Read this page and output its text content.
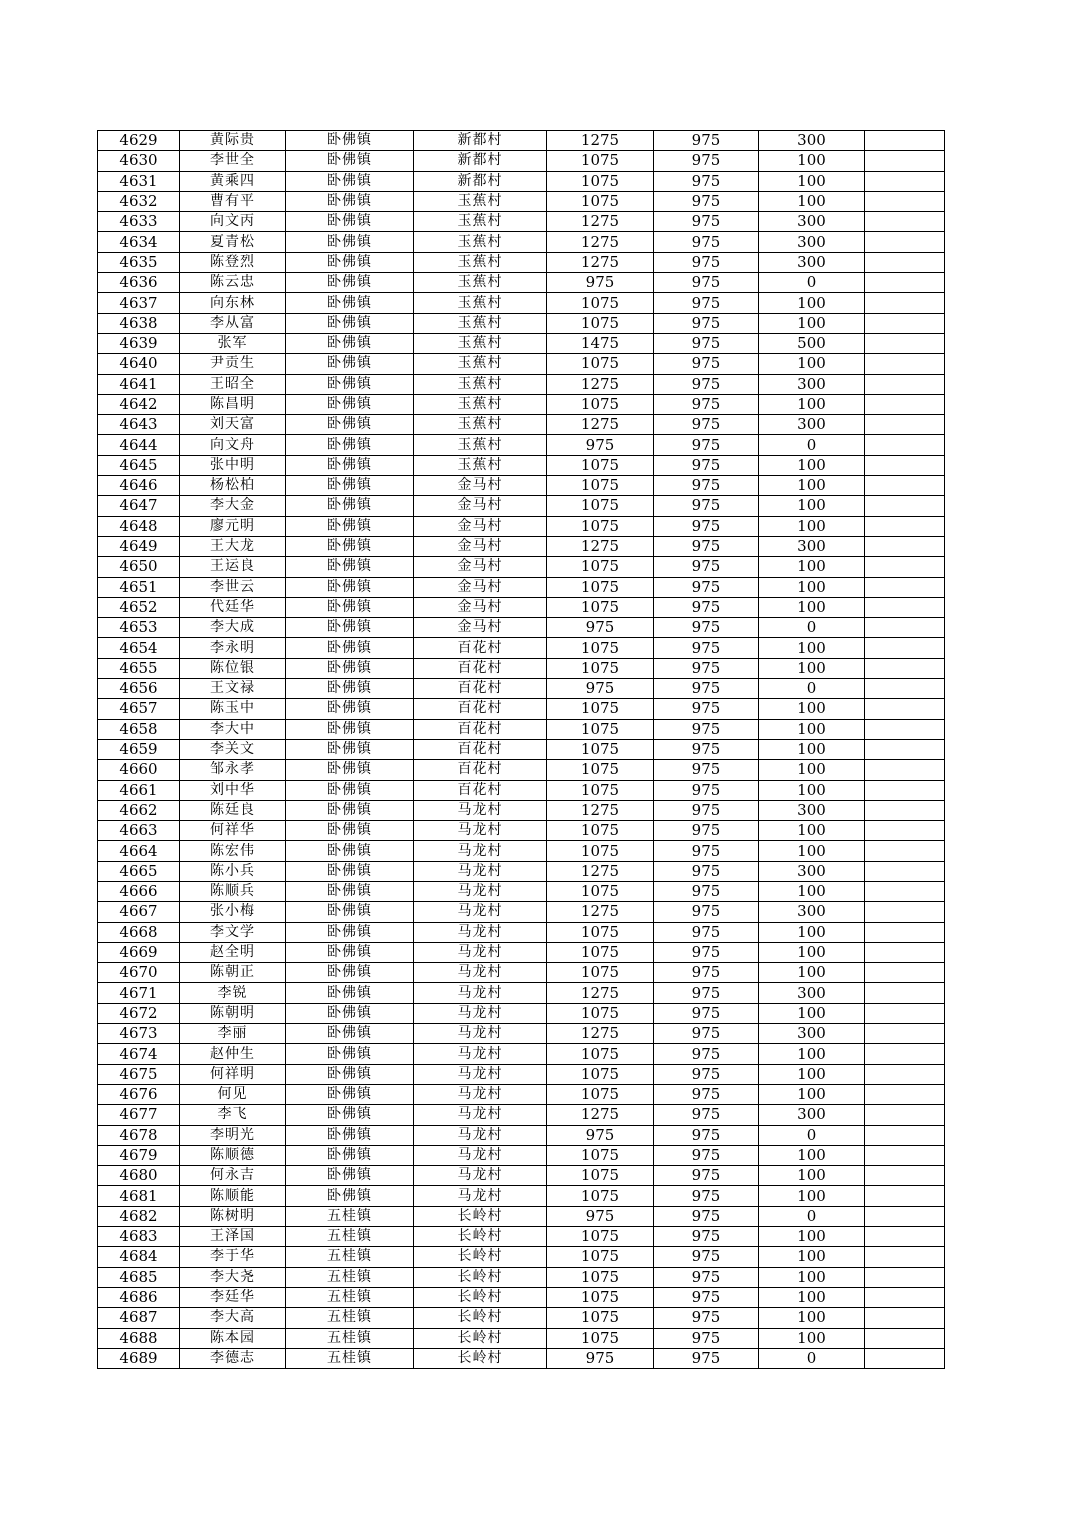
4629	黄际贵	卧佛镇	新都村	1275	975	300	
4630	李世全	卧佛镇	新都村	1075	975	100	
4631	黄乘四	卧佛镇	新都村	1075	975	100	
4632	曹有平	卧佛镇	玉蕉村	1075	975	100	
4633	向文丙	卧佛镇	玉蕉村	1275	975	300	
4634	夏青松	卧佛镇	玉蕉村	1275	975	300	
4635	陈登烈	卧佛镇	玉蕉村	1275	975	300	
4636	陈云忠	卧佛镇	玉蕉村	975	975	0	
4637	向东林	卧佛镇	玉蕉村	1075	975	100	
4638	李从富	卧佛镇	玉蕉村	1075	975	100	
4639	张军	卧佛镇	玉蕉村	1475	975	500	
4640	尹贡生	卧佛镇	玉蕉村	1075	975	100	
4641	王昭全	卧佛镇	玉蕉村	1275	975	300	
4642	陈昌明	卧佛镇	玉蕉村	1075	975	100	
4643	刘天富	卧佛镇	玉蕉村	1275	975	300	
4644	向文舟	卧佛镇	玉蕉村	975	975	0	
4645	张中明	卧佛镇	玉蕉村	1075	975	100	
4646	杨松柏	卧佛镇	金马村	1075	975	100	
4647	李大金	卧佛镇	金马村	1075	975	100	
4648	廖元明	卧佛镇	金马村	1075	975	100	
4649	王大龙	卧佛镇	金马村	1275	975	300	
4650	王运良	卧佛镇	金马村	1075	975	100	
4651	李世云	卧佛镇	金马村	1075	975	100	
4652	代廷华	卧佛镇	金马村	1075	975	100	
4653	李大成	卧佛镇	金马村	975	975	0	
4654	李永明	卧佛镇	百花村	1075	975	100	
4655	陈位银	卧佛镇	百花村	1075	975	100	
4656	王文禄	卧佛镇	百花村	975	975	0	
4657	陈玉中	卧佛镇	百花村	1075	975	100	
4658	李大中	卧佛镇	百花村	1075	975	100	
4659	李关文	卧佛镇	百花村	1075	975	100	
4660	邹永孝	卧佛镇	百花村	1075	975	100	
4661	刘中华	卧佛镇	百花村	1075	975	100	
4662	陈廷良	卧佛镇	马龙村	1275	975	300	
4663	何祥华	卧佛镇	马龙村	1075	975	100	
4664	陈宏伟	卧佛镇	马龙村	1075	975	100	
4665	陈小兵	卧佛镇	马龙村	1275	975	300	
4666	陈顺兵	卧佛镇	马龙村	1075	975	100	
4667	张小梅	卧佛镇	马龙村	1275	975	300	
4668	李文学	卧佛镇	马龙村	1075	975	100	
4669	赵全明	卧佛镇	马龙村	1075	975	100	
4670	陈朝正	卧佛镇	马龙村	1075	975	100	
4671	李锐	卧佛镇	马龙村	1275	975	300	
4672	陈朝明	卧佛镇	马龙村	1075	975	100	
4673	李丽	卧佛镇	马龙村	1275	975	300	
4674	赵仲生	卧佛镇	马龙村	1075	975	100	
4675	何祥明	卧佛镇	马龙村	1075	975	100	
4676	何见	卧佛镇	马龙村	1075	975	100	
4677	李飞	卧佛镇	马龙村	1275	975	300	
4678	李明光	卧佛镇	马龙村	975	975	0	
4679	陈顺德	卧佛镇	马龙村	1075	975	100	
4680	何永吉	卧佛镇	马龙村	1075	975	100	
4681	陈顺能	卧佛镇	马龙村	1075	975	100	
4682	陈树明	五桂镇	长岭村	975	975	0	
4683	王泽国	五桂镇	长岭村	1075	975	100	
4684	李于华	五桂镇	长岭村	1075	975	100	
4685	李大尧	五桂镇	长岭村	1075	975	100	
4686	李廷华	五桂镇	长岭村	1075	975	100	
4687	李大高	五桂镇	长岭村	1075	975	100	
4688	陈本园	五桂镇	长岭村	1075	975	100	
4689	李德志	五桂镇	长岭村	975	975	0	
